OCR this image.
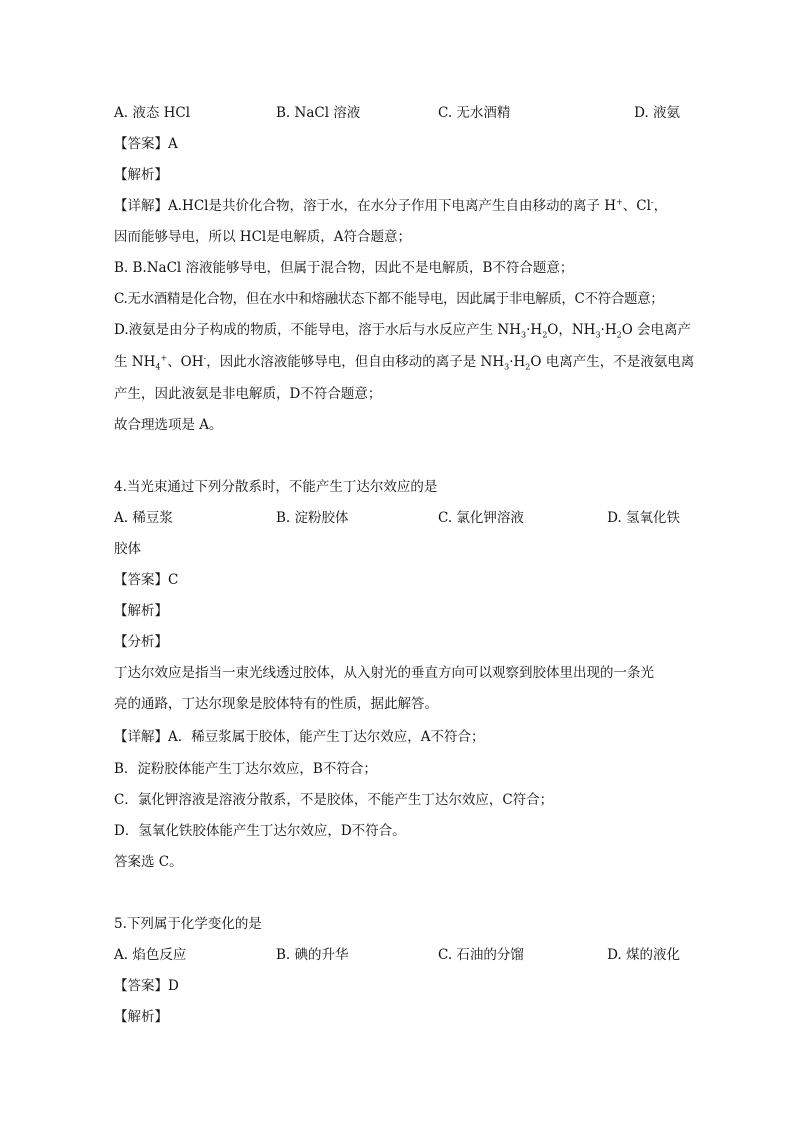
A. 液态 HCl	B. NaCl 溶液	C. 无水酒精	D. 液氨
【答案】A
【解析】
【详解】A.HCl是共价化合物，溶于水，在水分子作用下电离产生自由移动的离子 H+、Cl-，
因而能够导电，所以 HCl是电解质，A符合题意；
B. B.NaCl 溶液能够导电，但属于混合物，因此不是电解质，B不符合题意；
C.无水酒精是化合物，但在水中和熔融状态下都不能导电，因此属于非电解质，C不符合题意；
D.液氨是由分子构成的物质，不能导电，溶于水后与水反应产生 $NH_3\cdot H_2O$，$NH_3\cdot H_2O$ 会电离产
生 $NH_4^+$、OH-，因此水溶液能够导电，但自由移动的离子是 $NH_3\cdot H_2O$ 电离产生，不是液氨电离
产生，因此液氨是非电解质，D不符合题意；
故合理选项是 A。
4.当光束通过下列分散系时，不能产生丁达尔效应的是
A. 稀豆浆	B. 淀粉胶体	C. 氯化钾溶液	D. 氢氧化铁
胶体
【答案】C
【解析】
【分析】
丁达尔效应是指当一束光线透过胶体，从入射光的垂直方向可以观察到胶体里出现的一条光
亮的通路，丁达尔现象是胶体特有的性质，据此解答。
【详解】A．稀豆浆属于胶体，能产生丁达尔效应，A不符合；
B．淀粉胶体能产生丁达尔效应，B不符合；
C．氯化钾溶液是溶液分散系，不是胶体，不能产生丁达尔效应，C符合；
D．氢氧化铁胶体能产生丁达尔效应，D不符合。
答案选 C。
5.下列属于化学变化的是
A. 焰色反应	B. 碘的升华	C. 石油的分馏	D. 煤的液化
【答案】D
【解析】
